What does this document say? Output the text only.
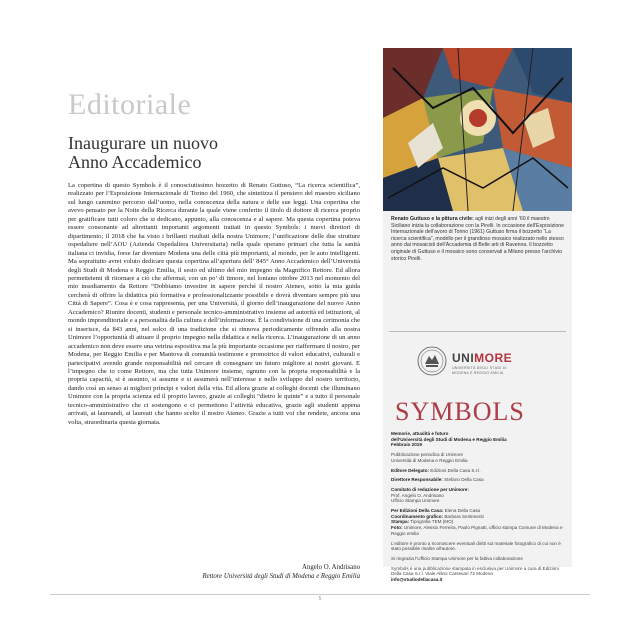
Editoriale
Inaugurare un nuovo
Anno Accademico

La copertina di questo Symbols è il conosciutissimo bozzetto di Renato Guttuso, “La ricerca scientifica”, realizzato per l’Esposizione Internazionale di Torino del 1960, che sintetizza il pensiero del maestro siciliano sul lungo cammino percorso dall’uomo, nella conoscenza della natura e delle sue leggi. Una copertina che avevo pensato per la Notte della Ricerca durante la quale viene conferito il titolo di dottore di ricerca proprio per gratificare tutti coloro che si dedicano, appunto, alla conoscenza e al sapere. Ma questa copertina poteva essere consonante ad altrettanti importanti argomenti trattati in questo Symbols: i nuovi direttori di dipartimento; il 2018 che ha visto i brillanti risultati della nostra Unimore; l’unificazione delle due strutture ospedaliere nell’AOU (Azienda Ospedaliera Universitaria) nella quale operano primari che tutta la sanità italiana ci invidia, forse far diventare Modena una delle città più importanti, al mondo, per le auto intelligenti. Ma soprattutto avrei voluto dedicare questa copertina all’apertura dell’ 845° Anno Accademico dell’Università degli Studi di Modena e Reggio Emilia, il sesto ed ultimo del mio impegno da Magnifico Rettore. Ed allora permettetemi di ritornare a ciò che affermai, con un po’ di timore, nel lontano ottobre 2013 nel momento del mio insediamento da Rettore “Dobbiamo investire in sapere perché il nostro Ateneo, sotto la mia guida cercherà di offrire la didattica più formativa e professionalizzante possibile e dovrà diventare sempre più una Città di Sapere”. Cosa è e cosa rappresenta, per una Università, il giorno dell’inaugurazione del nuovo Anno Accademico? Riunire docenti, studenti e personale tecnico-amministrativo insieme ad autorità ed istituzioni, al mondo imprenditoriale e a personalità della cultura e dell’informazione. È la condivisione di una cerimonia che si inserisce, da 843 anni, nel solco di una tradizione che si rinnova periodicamente offrendo alla nostra Unimore l’opportunità di attuare il proprio impegno nella didattica e nella ricerca. L’inaugurazione di un anno accademico non deve essere una vetrina espositiva ma la più importante occasione per riaffermare il nostro, per Modena, per Reggio Emilia e per Mantova di comunità testimone e promotrice di valori educativi, culturali e partecipativi avendo grande responsabilità nel cercare di consegnare un futuro migliore ai nostri giovani. E l’impegno che io come Rettore, ma che tutta Unimore insieme, ognuno con la propria responsabilità e la propria capacità, si è assunto, si assume e si assumerà nell’interesse e nello sviluppo del nostro territorio, dando così un senso ai migliori principi e valori della vita. Ed allora grazie ai colleghi docenti che illuminano Unimore con la propria scienza ed il proprio lavoro, grazie ai colleghi “dietro le quinte” e a tutto il personale tecnico-amministrativo che ci sostengono e ci permettono l’attività educativa, grazie agli studenti appena arrivati, ai laureandi, ai laureati che hanno scelto il nostro Ateneo. Grazie a tutti voi che rendete, ancora una volta, straordinaria questa giornata.

Angelo O. Andrisano
Rettore Università degli Studi di Modena e Reggio Emilia
Renato Guttuso e la pittura civile: agli inizi degli anni ’60 il maestro Siciliano inizia la collaborazione con la Pirelli. In occasione dell’Esposizione Internazionale dell’avoro di Torino (1961) Guttuso firma il bozzetto “La ricerca scientifica”, modello per il grandioso mosaico realizzato nello stesso anno dai mosaicisti dell’Accademia di Belle arti di Ravenna. Il bozzetto originale di Guttuso e il mosaico sono conservati a Milano presso l’archivio storico Pirelli.
UNIMORE
UNIVERSITÀ DEGLI STUDI DI
MODENA E REGGIO EMILIA
SYMBOLS
Memorie, attualità e futuro
dell’Università degli Studi di Modena e Reggio Emilia
Febbraio 2019
Pubblicazione periodica di Unimore
Università di Modena e Reggio Emilia
Editore Delegato: Edizioni Della Casa S.r.l.
Direttore Responsabile: Stefano Della Casa
Comitato di redazione per Unimore:
Prof. Angelo O. Andrisano
Ufficio Stampa Unimore
Per Edizioni Della Casa: Elena Della Casa
Coordinamento grafico: Barbara Sentimenti
Stampa: Tipografia TEM (MO)
Foto: Unimore, Alessio Ferreira, Paolo Pignatti, ufficio stampa Comune di Modena e Reggio emilia
L’editore è pronto a riconoscere eventuali diritti sul materiale fotografico di cui non è stato possibile risalire all’autore.
Si ringrazia l’Ufficio Stampa Unimore per la fattiva collaborazione
Symbols è una pubblicazione stampata in esclusiva per Unimore a cura di Edizioni Della Casa S.r.l. Viale Allino Carsevari 72 Modena
info@studiodellacasa.it
5
